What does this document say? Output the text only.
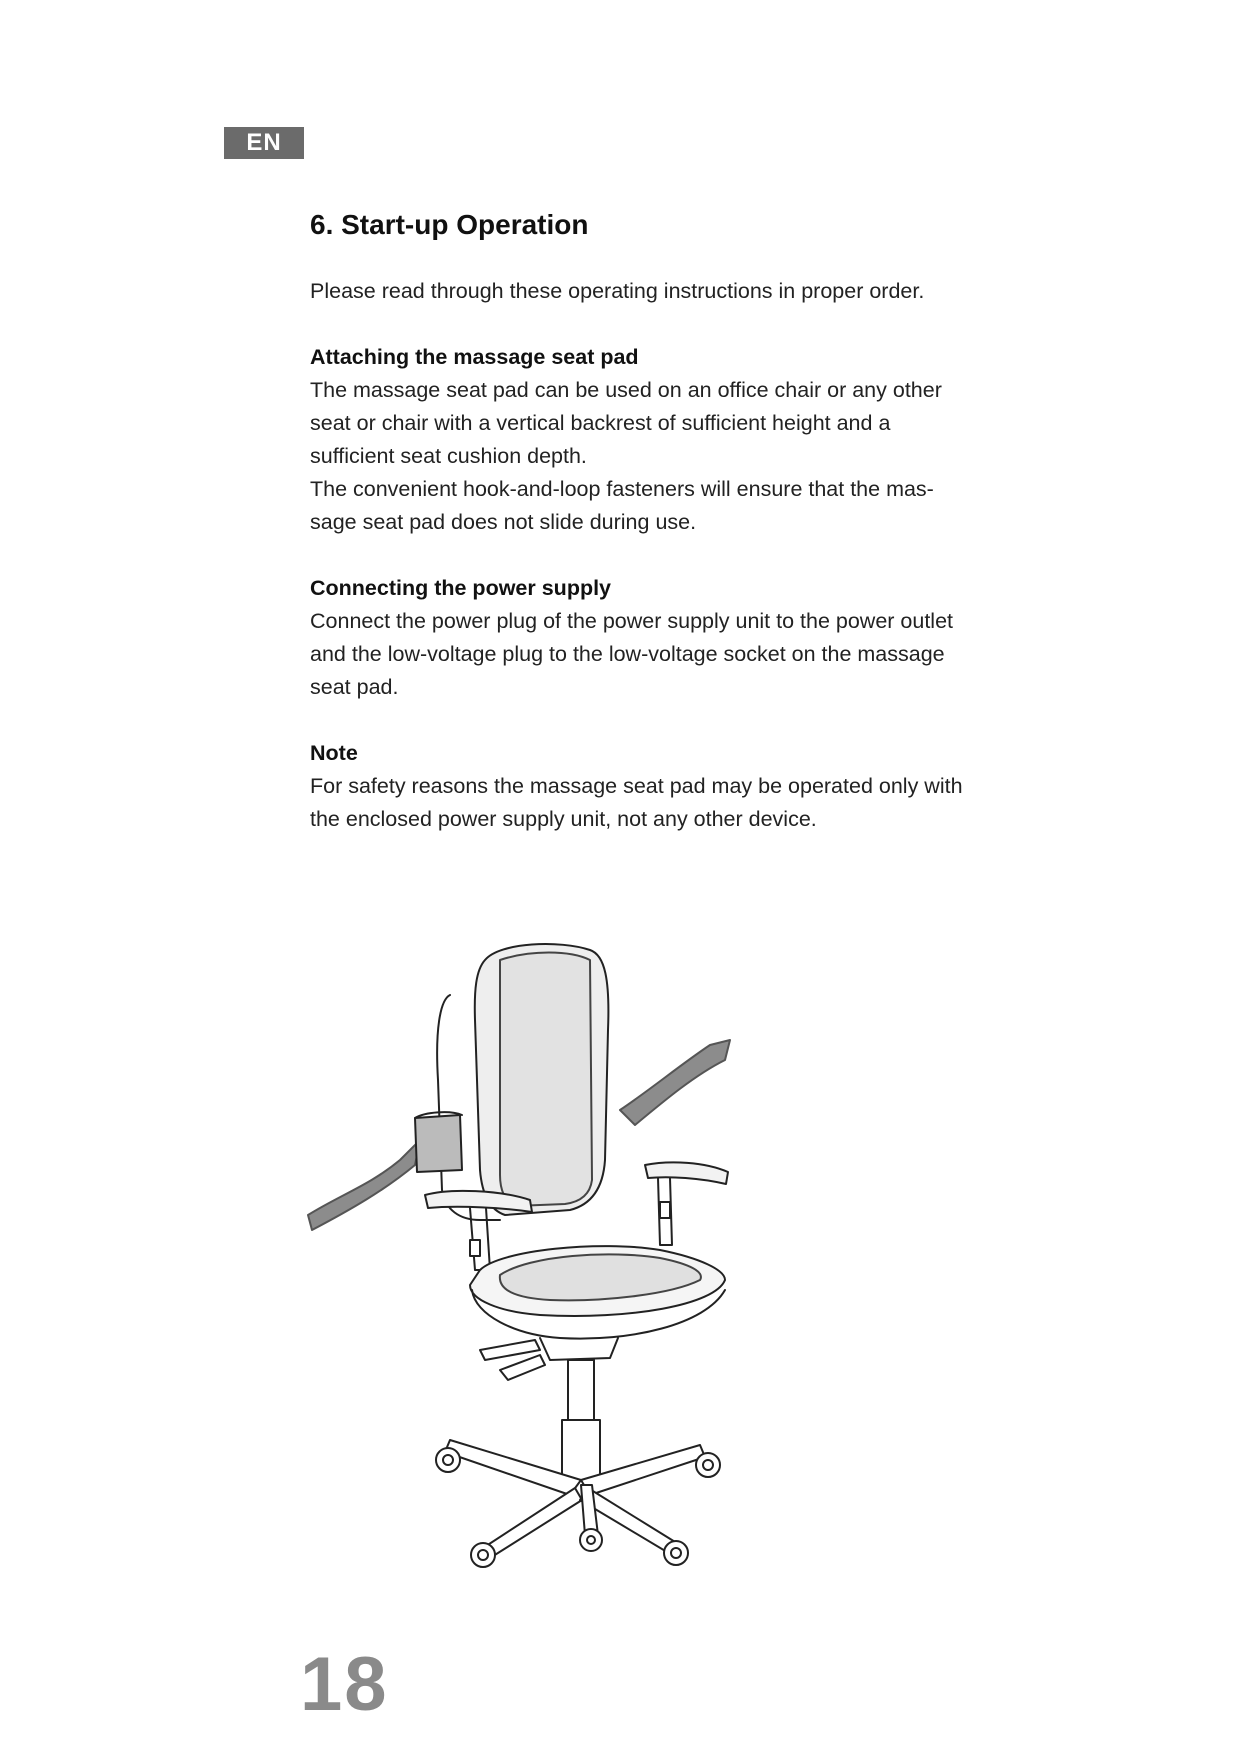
EN
6. Start-up Operation

Please read through these operating instructions in proper order.

Attaching the massage seat pad

The massage seat pad can be used on an office chair or any other seat or chair with a vertical backrest of sufficient height and a sufficient seat cushion depth.

The convenient hook-and-loop fasteners will ensure that the mas-sage seat pad does not slide during use.

Connecting the power supply

Connect the power plug of the power supply unit to the power outlet and the low-voltage plug to the low-voltage socket on the massage seat pad.

Note

For safety reasons the massage seat pad may be operated only with the enclosed power supply unit, not any other device.

18
